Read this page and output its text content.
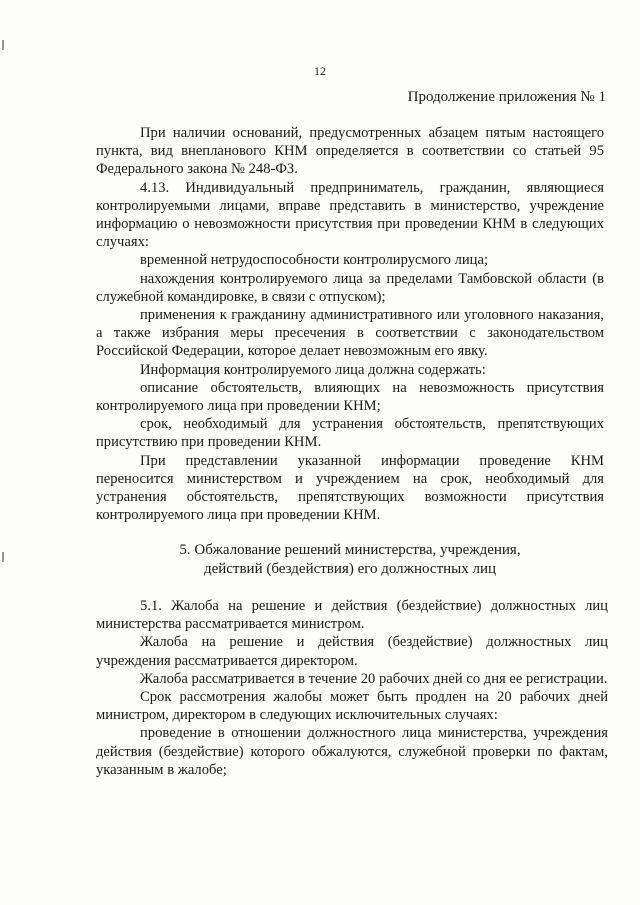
12
Продолжение приложения № 1

При наличии оснований, предусмотренных абзацем пятым настоящего пункта, вид внепланового КНМ определяется в соответствии со статьей 95 Федерального закона № 248-ФЗ.

4.13. Индивидуальный предприниматель, гражданин, являющиеся контролируемыми лицами, вправе представить в министерство, учреждение информацию о невозможности присутствия при проведении КНМ в следующих случаях:

временной нетрудоспособности контролирусмого лица;

нахождения контролируемого лица за пределами Тамбовской области (в служебной командировке, в связи с отпуском);

применения к гражданину административного или уголовного наказания, а также избрания меры пресечения в соответствии с законодательством Российской Федерации, которое делает невозможным его явку.

Информация контролируемого лица должна содержать:

описание обстоятельств, влияющих на невозможность присутствия контролируемого лица при проведении КНМ;

срок, необходимый для устранения обстоятельств, препятствующих присутствию при проведении КНМ.

При представлении указанной информации проведение КНМ переносится министерством и учреждением на срок, необходимый для устранения обстоятельств, препятствующих возможности присутствия контролируемого лица при проведении КНМ.

5. Обжалование решений министерства, учреждения,
действий (бездействия) его должностных лиц

5.1. Жалоба на решение и действия (бездействие) должностных лиц министерства рассматривается министром.

Жалоба на решение и действия (бездействие) должностных лиц учреждения рассматривается директором.

Жалоба рассматривается в течение 20 рабочих дней со дня ее регистрации.

Срок рассмотрения жалобы может быть продлен на 20 рабочих дней министром, директором в следующих исключительных случаях:

проведение в отношении должностного лица министерства, учреждения действия (бездействие) которого обжалуются, служебной проверки по фактам, указанным в жалобе;
